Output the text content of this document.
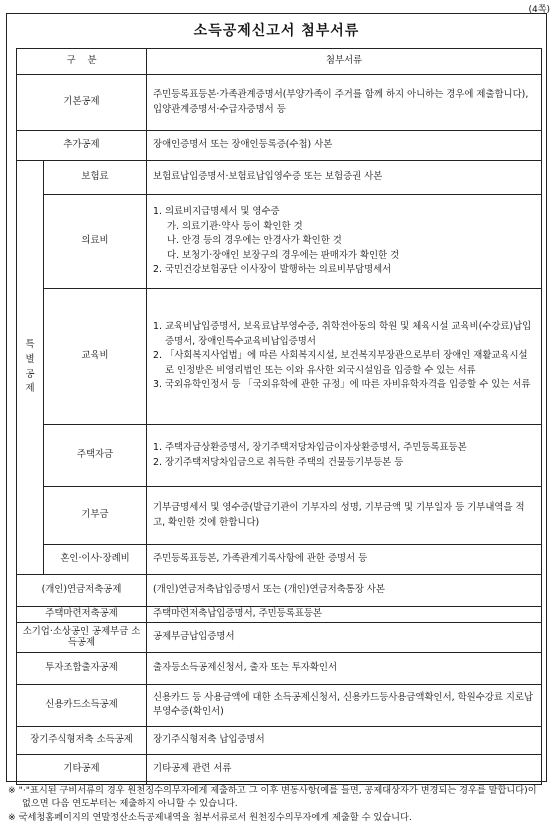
(4쪽)
소득공제신고서 첨부서류
구    분		첨부서류
기본공제		주민등록표등본·가족관계증명서(부양가족이 주거를 함께 하지 아니하는 경우에 제출합니다), 입양관계증명서·수급자증명서 등

추가공제		장애인증명서 또는 장애인등록증(수첩) 사본

특
별
공
제	보험료	보험료납입증명서·보험료납입영수증 또는 보험증권 사본

	의료비	1. 의료비지급명세서 및 영수증
가. 의료기관·약사 등이 확인한 것
나. 안경 등의 경우에는 안경사가 확인한 것
다. 보청기·장애인 보장구의 경우에는 판매자가 확인한 것
2. 국민건강보험공단 이사장이 발행하는 의료비부담명세서

	교육비	1. 교육비납입증명서, 보육료납부영수증, 취학전아동의 학원 및 체육시설 교육비(수강료)납입증명서, 장애인특수교육비납입증명서
2. 「사회복지사업법」에 따른 사회복지시설, 보건복지부장관으로부터 장애인 재활교육시설로 인정받은 비영리법인 또는 이와 유사한 외국시설임을 입증할 수 있는 서류
3. 국외유학인정서 등 「국외유학에 관한 규정」에 따른 자비유학자격을 입증할 수 있는 서류

	주택자금	1. 주택자금상환증명서, 장기주택저당차입금이자상환증명서, 주민등록표등본
2. 장기주택저당차입금으로 취득한 주택의 건물등기부등본 등

	기부금	기부금명세서 및 영수증(발급기관이 기부자의 성명, 기부금액 및 기부일자 등 기부내역을 적고, 확인한 것에 한합니다)

	혼인·이사·장례비	주민등록표등본, 가족관계기록사항에 관한 증명서 등

(개인)연금저축공제		(개인)연금저축납입증명서 또는 (개인)연금저축통장 사본

주택마련저축공제		주택마련저축납입증명서, 주민등록표등본

소기업·소상공인 공제부금 소득공제		공제부금납입증명서

투자조합출자공제		출자등소득공제신청서, 출자 또는 투자확인서

신용카드소득공제		신용카드 등 사용금액에 대한 소득공제신청서, 신용카드등사용금액확인서, 학원수강료 지로납부영수증(확인서)

장기주식형저축 소득공제		장기주식형저축 납입증명서

기타공제		기타공제 관련 서류

※ "·"표시된 구비서류의 경우 원천징수의무자에게 제출하고 그 이후 변동사항(예를 들면, 공제대상자가 변경되는 경우를 말합니다)이 없으면 다음 연도부터는 제출하지 아니할 수 있습니다.

※ 국세청홈페이지의 연말정산소득공제내역을 첨부서류로서 원천징수의무자에게 제출할 수 있습니다.
